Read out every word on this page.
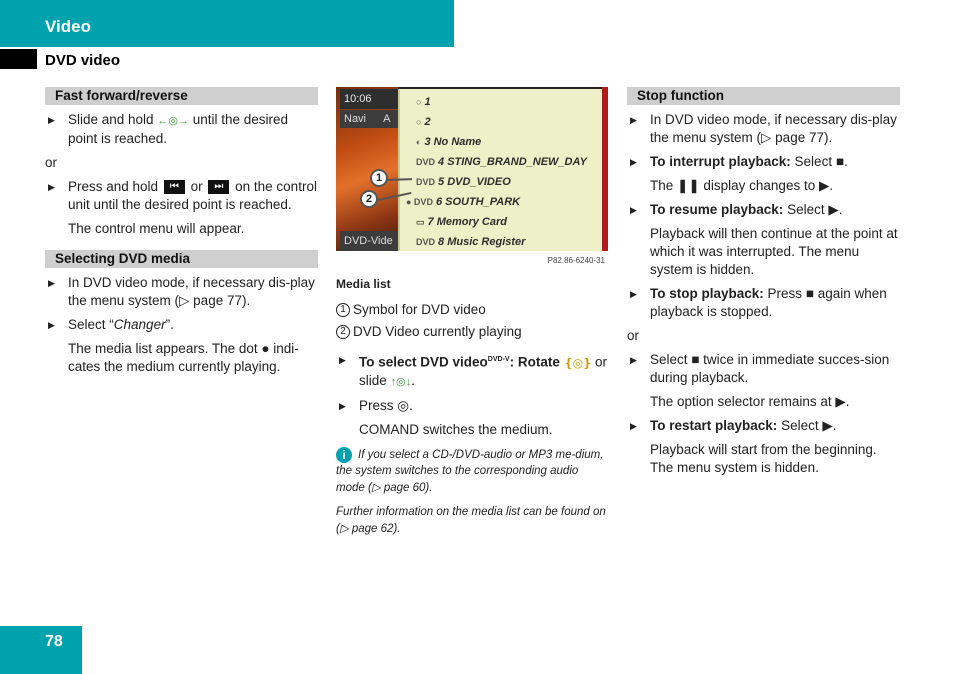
Video
DVD video
Fast forward/reverse
▶ Slide and hold ←◎→ until the desired point is reached.
or
▶ Press and hold ⏮ or ⏭ on the control unit until the desired point is reached.
The control menu will appear.
Selecting DVD media
▶ In DVD video mode, if necessary dis-play the menu system (▷ page 77).
▶ Select “Changer”.
The media list appears. The dot ● indi-cates the medium currently playing.
10:06
Navi A
DVD-Vide
○ 1
○ 2
◐ 3 No Name
DVD 4 STING_BRAND_NEW_DAY
DVD 5 DVD_VIDEO
● DVD 6 SOUTH_PARK
▭ 7 Memory Card
DVD 8 Music Register
1
2
P82.86-6240-31
Media list
1 Symbol for DVD video
2 DVD Video currently playing
▶ To select DVD video$^{DVD-V}$: Rotate ❴◎❵ or slide ↑◎↓.
▶ Press ◎.
COMAND switches the medium.
i If you select a CD-/DVD-audio or MP3 me-dium, the system switches to the corresponding audio mode (▷ page 60).
Further information on the media list can be found on (▷ page 62).
Stop function
▶ In DVD video mode, if necessary dis-play the menu system (▷ page 77).
▶ To interrupt playback: Select ■.
The ❚❚ display changes to ▶.
▶ To resume playback: Select ▶.
Playback will then continue at the point at which it was interrupted. The menu system is hidden.
▶ To stop playback: Press ■ again when playback is stopped.
or
▶ Select ■ twice in immediate succes-sion during playback.
The option selector remains at ▶.
▶ To restart playback: Select ▶.
Playback will start from the beginning. The menu system is hidden.
78
